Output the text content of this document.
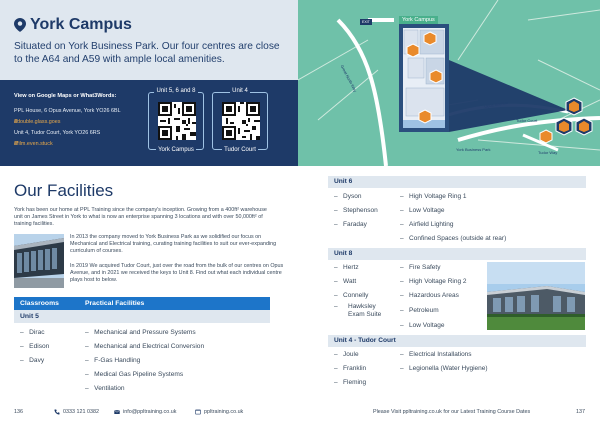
York Campus

Situated on York Business Park. Our four centres are close to the A64 and A59 with ample local amenities.

View on Google Maps or What3Words:
PPL House, 6 Opus Avenue, York YO26 6BL
///double.glass.goes
Unit 4, Tudor Court, York YO26 6RS
///film.even.stuck
Unit 5, 6 and 8
York Campus
Unit 4
Tudor Court
EXIT	York Campus
Great North Way
Opus Avenue
York Business Park
Tudor Court
Tudor Way
Our Facilities

York has been our home at PPL Training since the company's inception. Growing from a 400ft² warehouse unit on James Street in York to what is now an enterprise spanning 3 locations and with over 50,000ft² of training facilities.

In 2013 the company moved to York Business Park as we solidified our focus on Mechanical and Electrical training, curating training facilities to suit our ever-expanding curriculum of courses.

In 2019 We acquired Tudor Court, just over the road from the bulk of our centres on Opus Avenue, and in 2021 we received the keys to Unit 8. Find out what each individual centre plays host to below.

Classrooms	Practical Facilities
Unit 5
–   Dirac	–   Mechanical and Pressure Systems
–   Edison	–   Mechanical and Electrical Conversion
–   Davy	–   F-Gas Handling
–   Medical Gas Pipeline Systems
–   Ventilation
Unit 6
–   Dyson	–   High Voltage Ring 1
–   Stephenson	–   Low Voltage
–   Faraday	–   Airfield Lighting
–   Confined Spaces (outside at rear)
Unit 8
–   Hertz	–   Fire Safety
–   Watt	–   High Voltage Ring 2
–   Connelly	–   Hazardous Areas
–	Hawksley Exam Suite
–   Petroleum
–   Low Voltage
Unit 4 - Tudor Court
–   Joule	–   Electrical Installations
–   Franklin	–   Legionella (Water Hygiene)
–   Fleming
136	0333 121 0382	info@ppltraining.co.uk	ppltraining.co.uk	Please Visit ppltraining.co.uk for our Latest Training Course Dates	137
